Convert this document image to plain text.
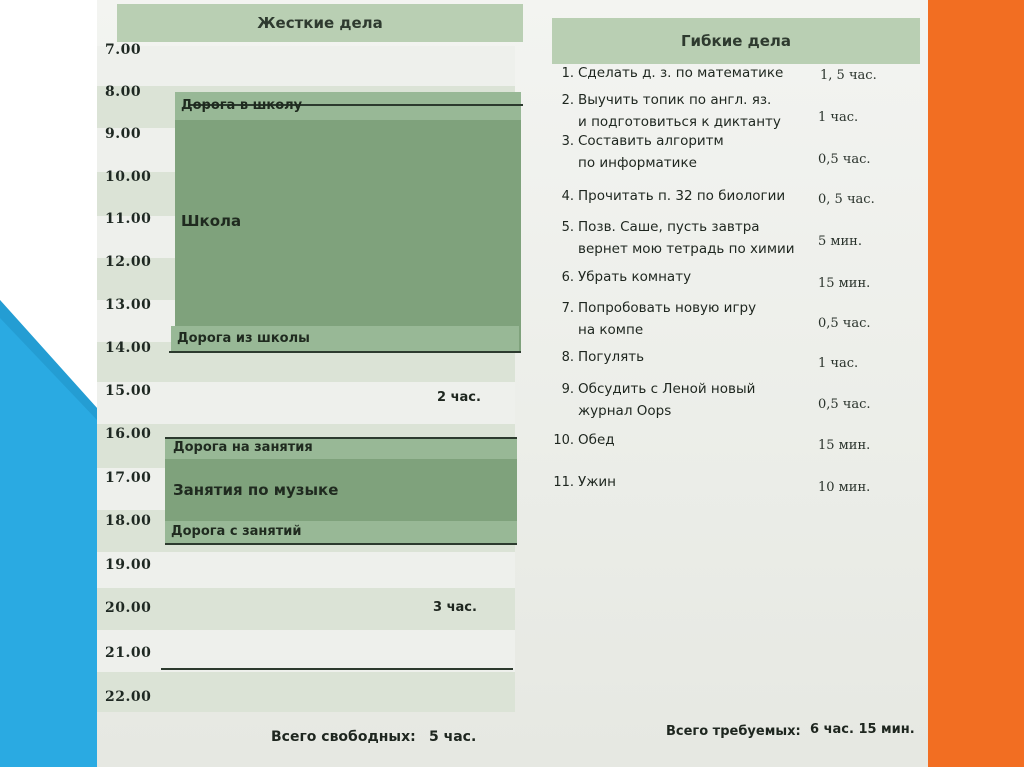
Жесткие дела
7.00
8.00
9.00
10.00
11.00
12.00
13.00
14.00
15.00
16.00
17.00
18.00
19.00
20.00
21.00
22.00
Дорога в школу
Школа
Дорога из школы
2 час.
Дорога на занятия
Занятия по музыке
Дорога с занятий
3 час.
Всего свободных: 5 час.
Гибкие дела
1. Сделать д. з. по математике	1, 5 час.
2. Выучить топик по англ. яз.
и подготовиться к диктанту	1 час.
3. Составить алгоритм
по информатике	0,5 час.
4. Прочитать п. 32 по биологии	0, 5 час.
5. Позв. Саше, пусть завтра
вернет мою тетрадь по химии 5 мин.
6. Убрать комнату	15 мин.
7. Попробовать новую игру
на компе	0,5 час.
8. Погулять	1 час.
9. Обсудить с Леной новый
журнал Oops	0,5 час.
10. Обед	15 мин.
11. Ужин	10 мин.
Всего требуемых: 6 час. 15 мин.
